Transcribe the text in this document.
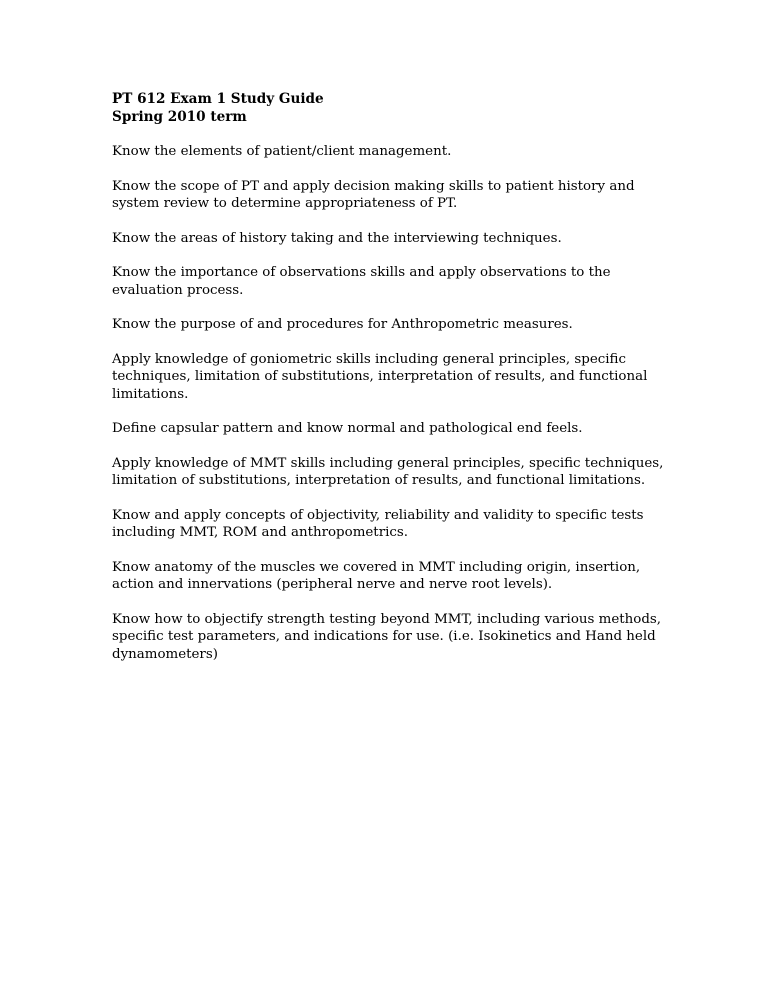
PT 612 Exam 1 Study Guide

Spring 2010 term

Know the elements of patient/client management.

Know the scope of PT and apply decision making skills to patient history and system review to determine appropriateness of PT.

Know the areas of history taking and the interviewing techniques.

Know the importance of observations skills and apply observations to the evaluation process.

Know the purpose of and procedures for Anthropometric measures.

Apply knowledge of goniometric skills including general principles, specific techniques, limitation of substitutions, interpretation of results, and functional limitations.

Define capsular pattern and know normal and pathological end feels.

Apply knowledge of MMT skills including general principles, specific techniques, limitation of substitutions, interpretation of results, and functional limitations.

Know and apply concepts of objectivity, reliability and validity to specific tests including MMT, ROM and anthropometrics.

Know anatomy of the muscles we covered in MMT including origin, insertion, action and innervations (peripheral nerve and nerve root levels).

Know how to objectify strength testing beyond MMT, including various methods, specific test parameters, and indications for use. (i.e. Isokinetics and Hand held dynamometers)
